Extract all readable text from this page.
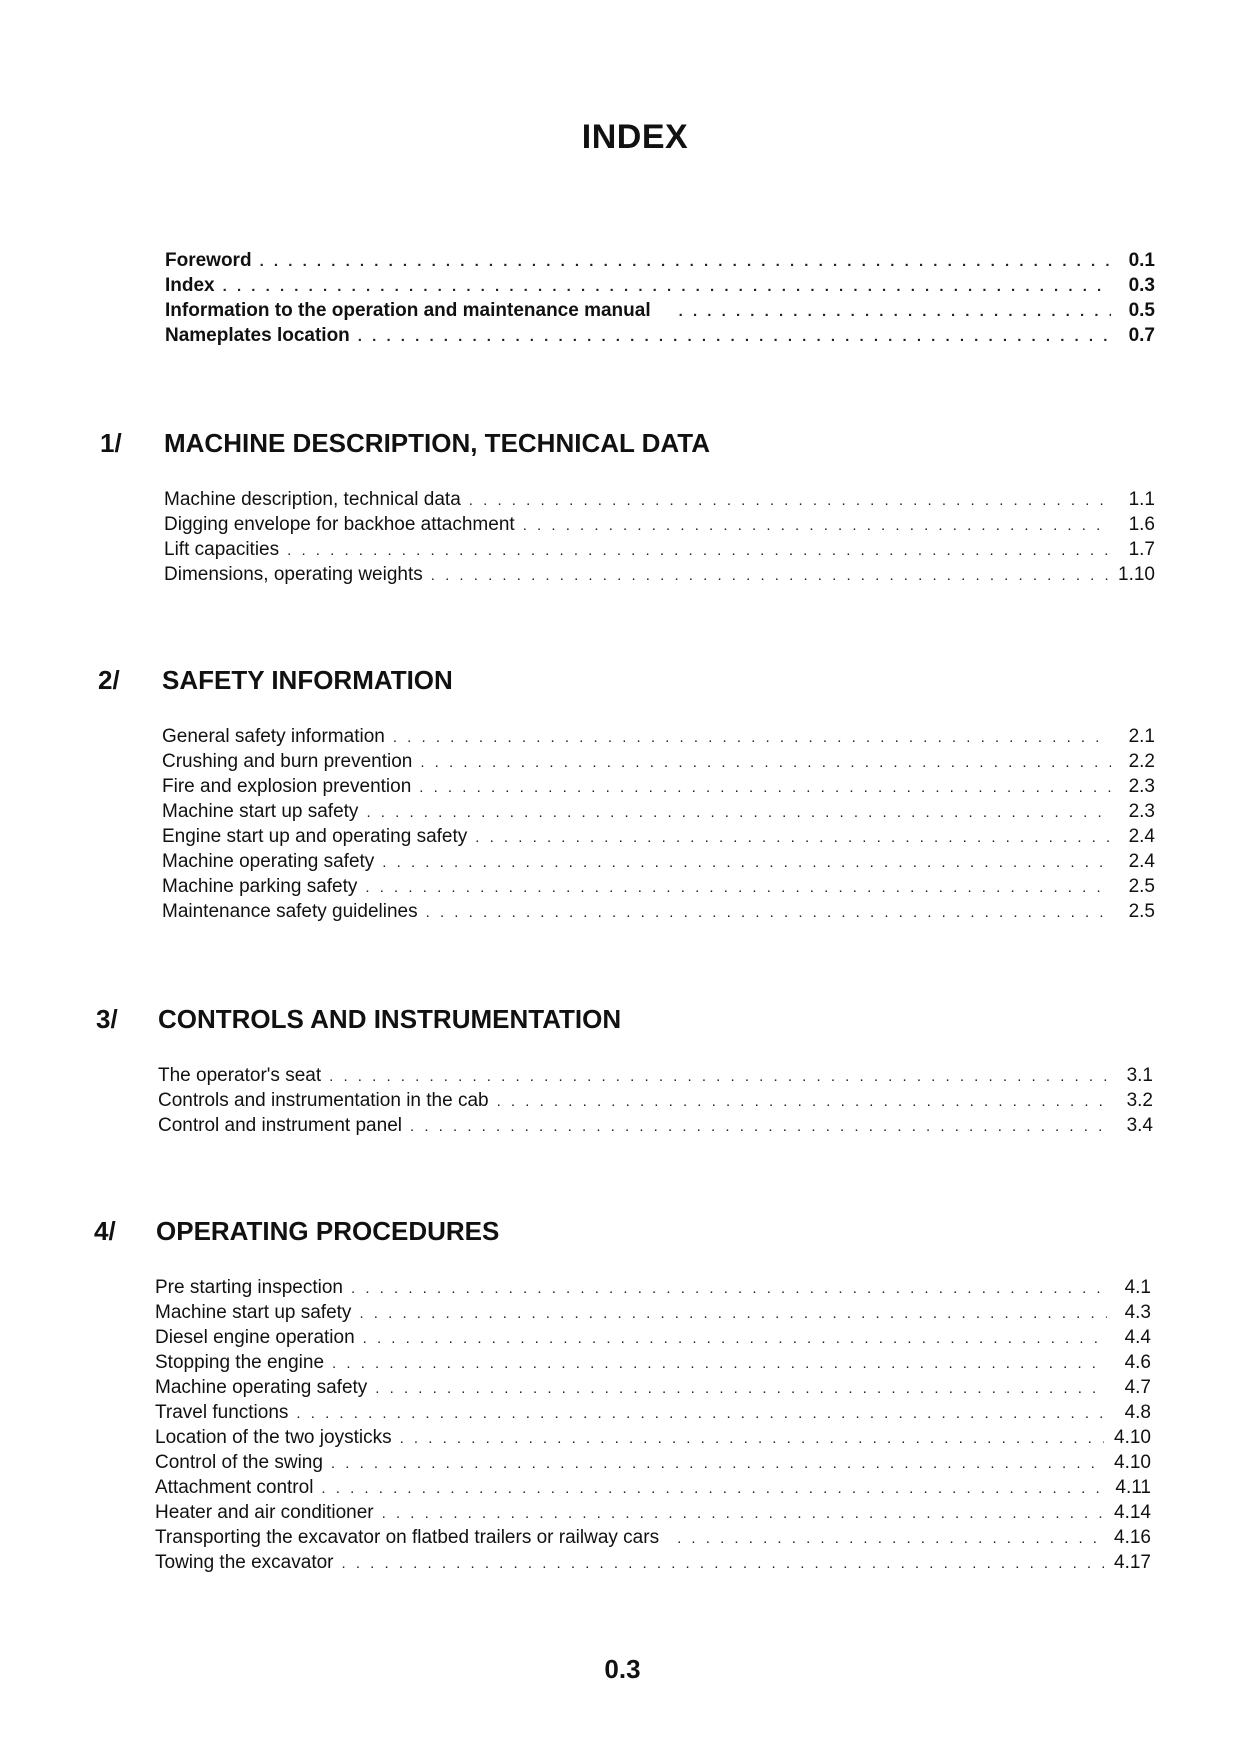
INDEX
Foreword . . .	0.1
Index . . .	0.3
Information to the operation and maintenance manual . . .	0.5
Nameplates location . . .	0.7
1/ MACHINE DESCRIPTION, TECHNICAL DATA
Machine description, technical data . . .	1.1
Digging envelope for backhoe attachment . . .	1.6
Lift capacities . . .	1.7
Dimensions, operating weights . . .	1.10
2/ SAFETY INFORMATION
General safety information . . .	2.1
Crushing and burn prevention . . .	2.2
Fire and explosion prevention . . .	2.3
Machine start up safety . . .	2.3
Engine start up and operating safety . . .	2.4
Machine operating safety . . .	2.4
Machine parking safety . . .	2.5
Maintenance safety guidelines . . .	2.5
3/ CONTROLS AND INSTRUMENTATION
The operator's seat . . .	3.1
Controls and instrumentation in the cab . . .	3.2
Control and instrument panel . . .	3.4
4/ OPERATING PROCEDURES
Pre starting inspection . . .	4.1
Machine start up safety . . .	4.3
Diesel engine operation . . .	4.4
Stopping the engine . . .	4.6
Machine operating safety . . .	4.7
Travel functions . . .	4.8
Location of the two joysticks . . .	4.10
Control of the swing . . .	4.10
Attachment control . . .	4.11
Heater and air conditioner . . .	4.14
Transporting the excavator on flatbed trailers or railway cars . . .	4.16
Towing the excavator . . .	4.17
0.3
